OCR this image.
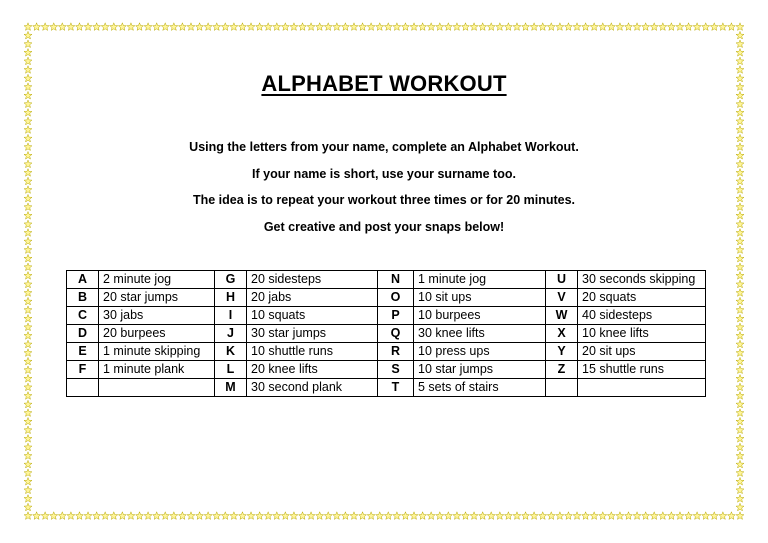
ALPHABET WORKOUT

Using the letters from your name, complete an Alphabet Workout.

If your name is short, use your surname too.

The idea is to repeat your workout three times or for 20 minutes.

Get creative and post your snaps below!

A	2 minute jog	G	20 sidesteps	N	1 minute jog	U	30 seconds skipping
B	20 star jumps	H	20 jabs	O	10 sit ups	V	20 squats
C	30 jabs	I	10 squats	P	10 burpees	W	40 sidesteps
D	20 burpees	J	30 star jumps	Q	30 knee lifts	X	10 knee lifts
E	1 minute skipping	K	10 shuttle runs	R	10 press ups	Y	20 sit ups
F	1 minute plank	L	20 knee lifts	S	10 star jumps	Z	15 shuttle runs
		M	30 second plank	T	5 sets of stairs		
